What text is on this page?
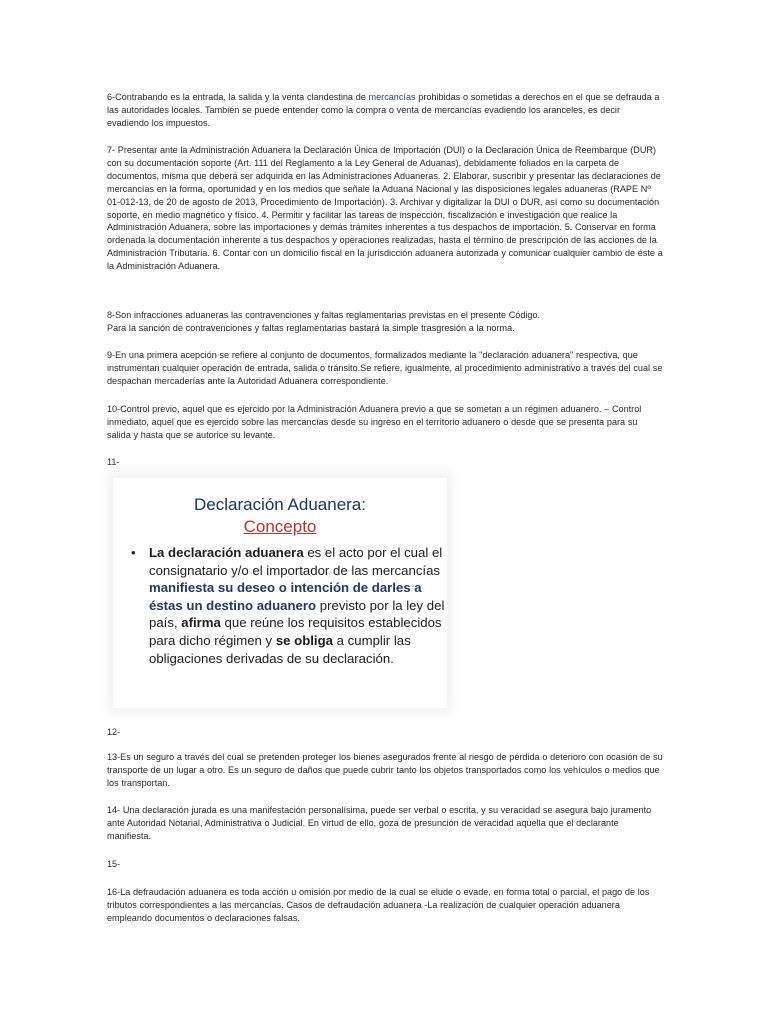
6-Contrabando es la entrada, la salida y la venta clandestina de mercancías prohibidas o sometidas a derechos en el que se defrauda a las autoridades locales. También se puede entender como la compra o venta de mercancías evadiendo los aranceles, es decir evadiendo los impuestos.

7- Presentar ante la Administración Aduanera la Declaración Única de Importación (DUI) o la Declaración Única de Reembarque (DUR) con su documentación soporte (Art. 111 del Reglamento a la Ley General de Aduanas), debidamente foliados en la carpeta de documentos, misma que deberá ser adquirida en las Administraciones Aduaneras. 2. Elaborar, suscribir y presentar las declaraciones de mercancías en la forma, oportunidad y en los medios que señale la Aduana Nacional y las disposiciones legales aduaneras (RAPE Nº 01-012-13, de 20 de agosto de 2013, Procedimiento de Importación). 3. Archivar y digitalizar la DUI o DUR, así como su documentación soporte, en medio magnético y físico. 4. Permitir y facilitar las tareas de inspección, fiscalización e investigación que realice la Administración Aduanera, sobre las importaciones y demás trámites inherentes a tus despachos de importación. 5. Conservar en forma ordenada la documentación inherente a tus despachos y operaciones realizadas, hasta el término de prescripción de las acciones de la Administración Tributaria. 6. Contar con un domicilio fiscal en la jurisdicción aduanera autorizada y comunicar cualquier cambio de éste a la Administración Aduanera.

8-Son infracciones aduaneras las contravenciones y faltas reglamentarias previstas en el presente Código.
Para la sanción de contravenciones y faltas reglamentarias bastará la simple trasgresión a la norma.

9-En una primera acepción se refiere al conjunto de documentos, formalizados mediante la "declaración aduanera" respectiva, que instrumentan cualquier operación de entrada, salida o tránsito.Se refiere, igualmente, al procedimiento administrativo a través del cual se despachan mercaderías ante la Autoridad Aduanera correspondiente.

10-Control previo, aquel que es ejercido por la Administración Aduanera previo a que se sometan a un régimen aduanero. – Control inmediato, aquel que es ejercido sobre las mercancías desde su ingreso en el territorio aduanero o desde que se presenta para su salida y hasta que se autorice su levante.

11-

Declaración Aduanera:
Concepto
• La declaración aduanera es el acto por el cual el consignatario y/o el importador de las mercancías manifiesta su deseo o intención de darles a éstas un destino aduanero previsto por la ley del país, afirma que reúne los requisitos establecidos para dicho régimen y se obliga a cumplir las obligaciones derivadas de su declaración.

12-

13-Es un seguro a través del cual se pretenden proteger los bienes asegurados frente al riesgo de pérdida o deterioro con ocasión de su transporte de un lugar a otro. Es un seguro de daños que puede cubrir tanto los objetos transportados como los vehículos o medios que los transportan.

14- Una declaración jurada es una manifestación personalísima, puede ser verbal o escrita, y su veracidad se asegura bajo juramento ante Autoridad Notarial, Administrativa o Judicial. En virtud de ello, goza de presunción de veracidad aquella que el declarante manifiesta.

15-

16-La defraudación aduanera es toda acción u omisión por medio de la cual se elude o evade, en forma total o parcial, el pago de los tributos correspondientes a las mercancías. Casos de defraudación aduanera -La realización de cualquier operación aduanera empleando documentos o declaraciones falsas.
